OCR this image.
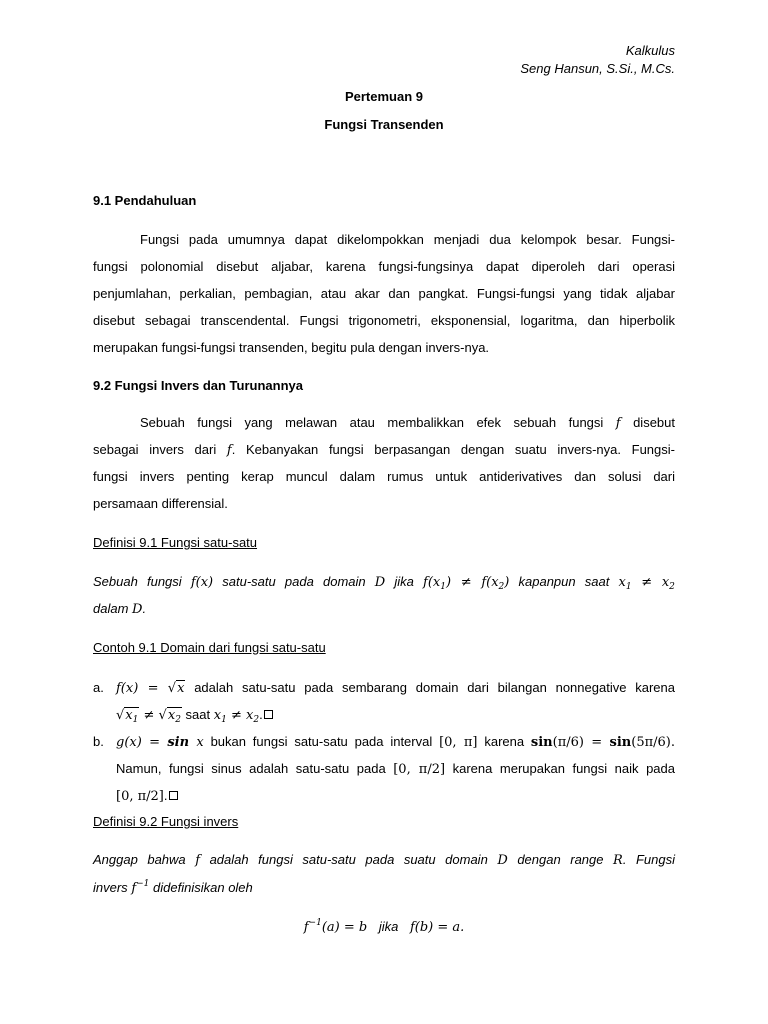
Kalkulus
Seng Hansun, S.Si., M.Cs.
Pertemuan 9
Fungsi Transenden
9.1 Pendahuluan
Fungsi pada umumnya dapat dikelompokkan menjadi dua kelompok besar. Fungsi-
fungsi polonomial disebut aljabar, karena fungsi-fungsinya dapat diperoleh dari operasi
penjumlahan, perkalian, pembagian, atau akar dan pangkat. Fungsi-fungsi yang tidak aljabar
disebut sebagai transcendental. Fungsi trigonometri, eksponensial, logaritma, dan hiperbolik
merupakan fungsi-fungsi transenden, begitu pula dengan invers-nya.
9.2 Fungsi Invers dan Turunannya
Sebuah fungsi yang melawan atau membalikkan efek sebuah fungsi f disebut
sebagai invers dari f. Kebanyakan fungsi berpasangan dengan suatu invers-nya. Fungsi-
fungsi invers penting kerap muncul dalam rumus untuk antiderivatives dan solusi dari
persamaan differensial.
Definisi 9.1 Fungsi satu-satu
Sebuah fungsi f(x) satu-satu pada domain D jika $f(x_1) \ne f(x_2)$ kapanpun saat $x_1 \ne x_2$
dalam D.
Contoh 9.1 Domain dari fungsi satu-satu
a. f(x) = √x adalah satu-satu pada sembarang domain dari bilangan nonnegative karena
$√x_1 \ne √x_2$ saat $x_1 \ne x_2$.
b. g(x) = sin x bukan fungsi satu-satu pada interval [0, π] karena sin(π/6) = sin(5π/6).
Namun, fungsi sinus adalah satu-satu pada [0, π/2] karena merupakan fungsi naik pada
[0, π/2].
Definisi 9.2 Fungsi invers
Anggap bahwa f adalah fungsi satu-satu pada suatu domain D dengan range R. Fungsi
invers $f^{-1}$ didefinisikan oleh
$f^{-1}(a) = b$ jika f(b) = a.
